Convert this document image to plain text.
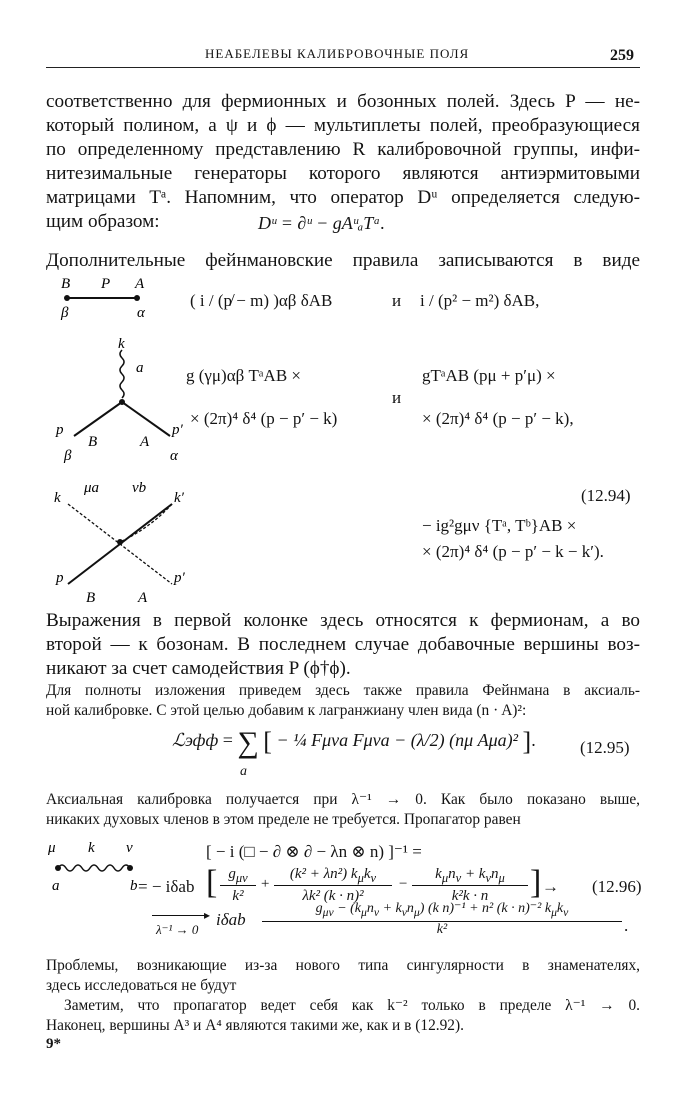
НЕАБЕЛЕВЫ КАЛИБРОВОЧНЫЕ ПОЛЯ	259
соответственно для фермионных и бозонных полей. Здесь P — не-
который полином, а ψ и ϕ — мультиплеты полей, преобразующиеся
по определенному представлению R калибровочной группы, инфи-
нитезимальные генераторы которого являются антиэрмитовыми
матрицами Tᵃ. Напомним, что оператор Dᵘ определяется следую-
щим образом:	Dᵘ = ∂ᵘ − gAᵘₐTᵃ.
Дополнительные фейнмановские правила записываются в виде
B P A
β	α
( i / (p̸ − m) )αβ δAB	и i / (p² − m²) δAB,
k
a
p
B	A
p′
β	α
g (γμ)αβ TᵃAB ×
× (2π)⁴ δ⁴ (p − p′ − k)
и
gTᵃAB (pμ + p′μ) ×
× (2π)⁴ δ⁴ (p − p′ − k),
k
μa νb
k′
p	p′
B	A
(12.94)
− ig²gμν {Tᵃ, Tᵇ}AB ×
× (2π)⁴ δ⁴ (p − p′ − k − k′).
Выражения в первой колонке здесь относятся к фермионам, а во
второй — к бозонам. В последнем случае добавочные вершины воз-
никают за счет самодействия P (ϕ†ϕ).
Для полноты изложения приведем здесь также правила Фейнмана в аксиаль-
ной калибровке. С этой целью добавим к лагранжиану член вида (n · A)²:
ℒэфф = ∑ [ − ¼ Fμνa Fμνa − (λ/2) (nμ Aμa)² ].
a
(12.95)
Аксиальная калибровка получается при λ⁻¹ → 0. Как было показано выше,
никаких духовых членов в этом пределе не требуется. Пропагатор равен
μ k ν
a	b
[ − i (□ − ∂ ⊗ ∂ − λn ⊗ n) ]⁻¹ =
= − iδab [ $g_{\mu\nu}$
k²
+
(k² + λn²) $k_\mu k_\nu$
λk² (k · n)²
−
$k_\mu n_\nu + k_\nu n_\mu$
k²k · n	] → (12.96)
▸
λ⁻¹ → 0
iδab
$g_{\mu\nu} - (k_\mu n_\nu + k_\nu n_\mu)$ (k n)⁻¹ + n² (k · n)⁻² $k_\mu k_\nu$
k²	.
Проблемы, возникающие из-за нового типа сингулярности в знаменателях,
здесь исследоваться не будут
Заметим, что пропагатор ведет себя как k⁻² только в пределе λ⁻¹ → 0.
Наконец, вершины A³ и A⁴ являются такими же, как и в (12.92).
9*
